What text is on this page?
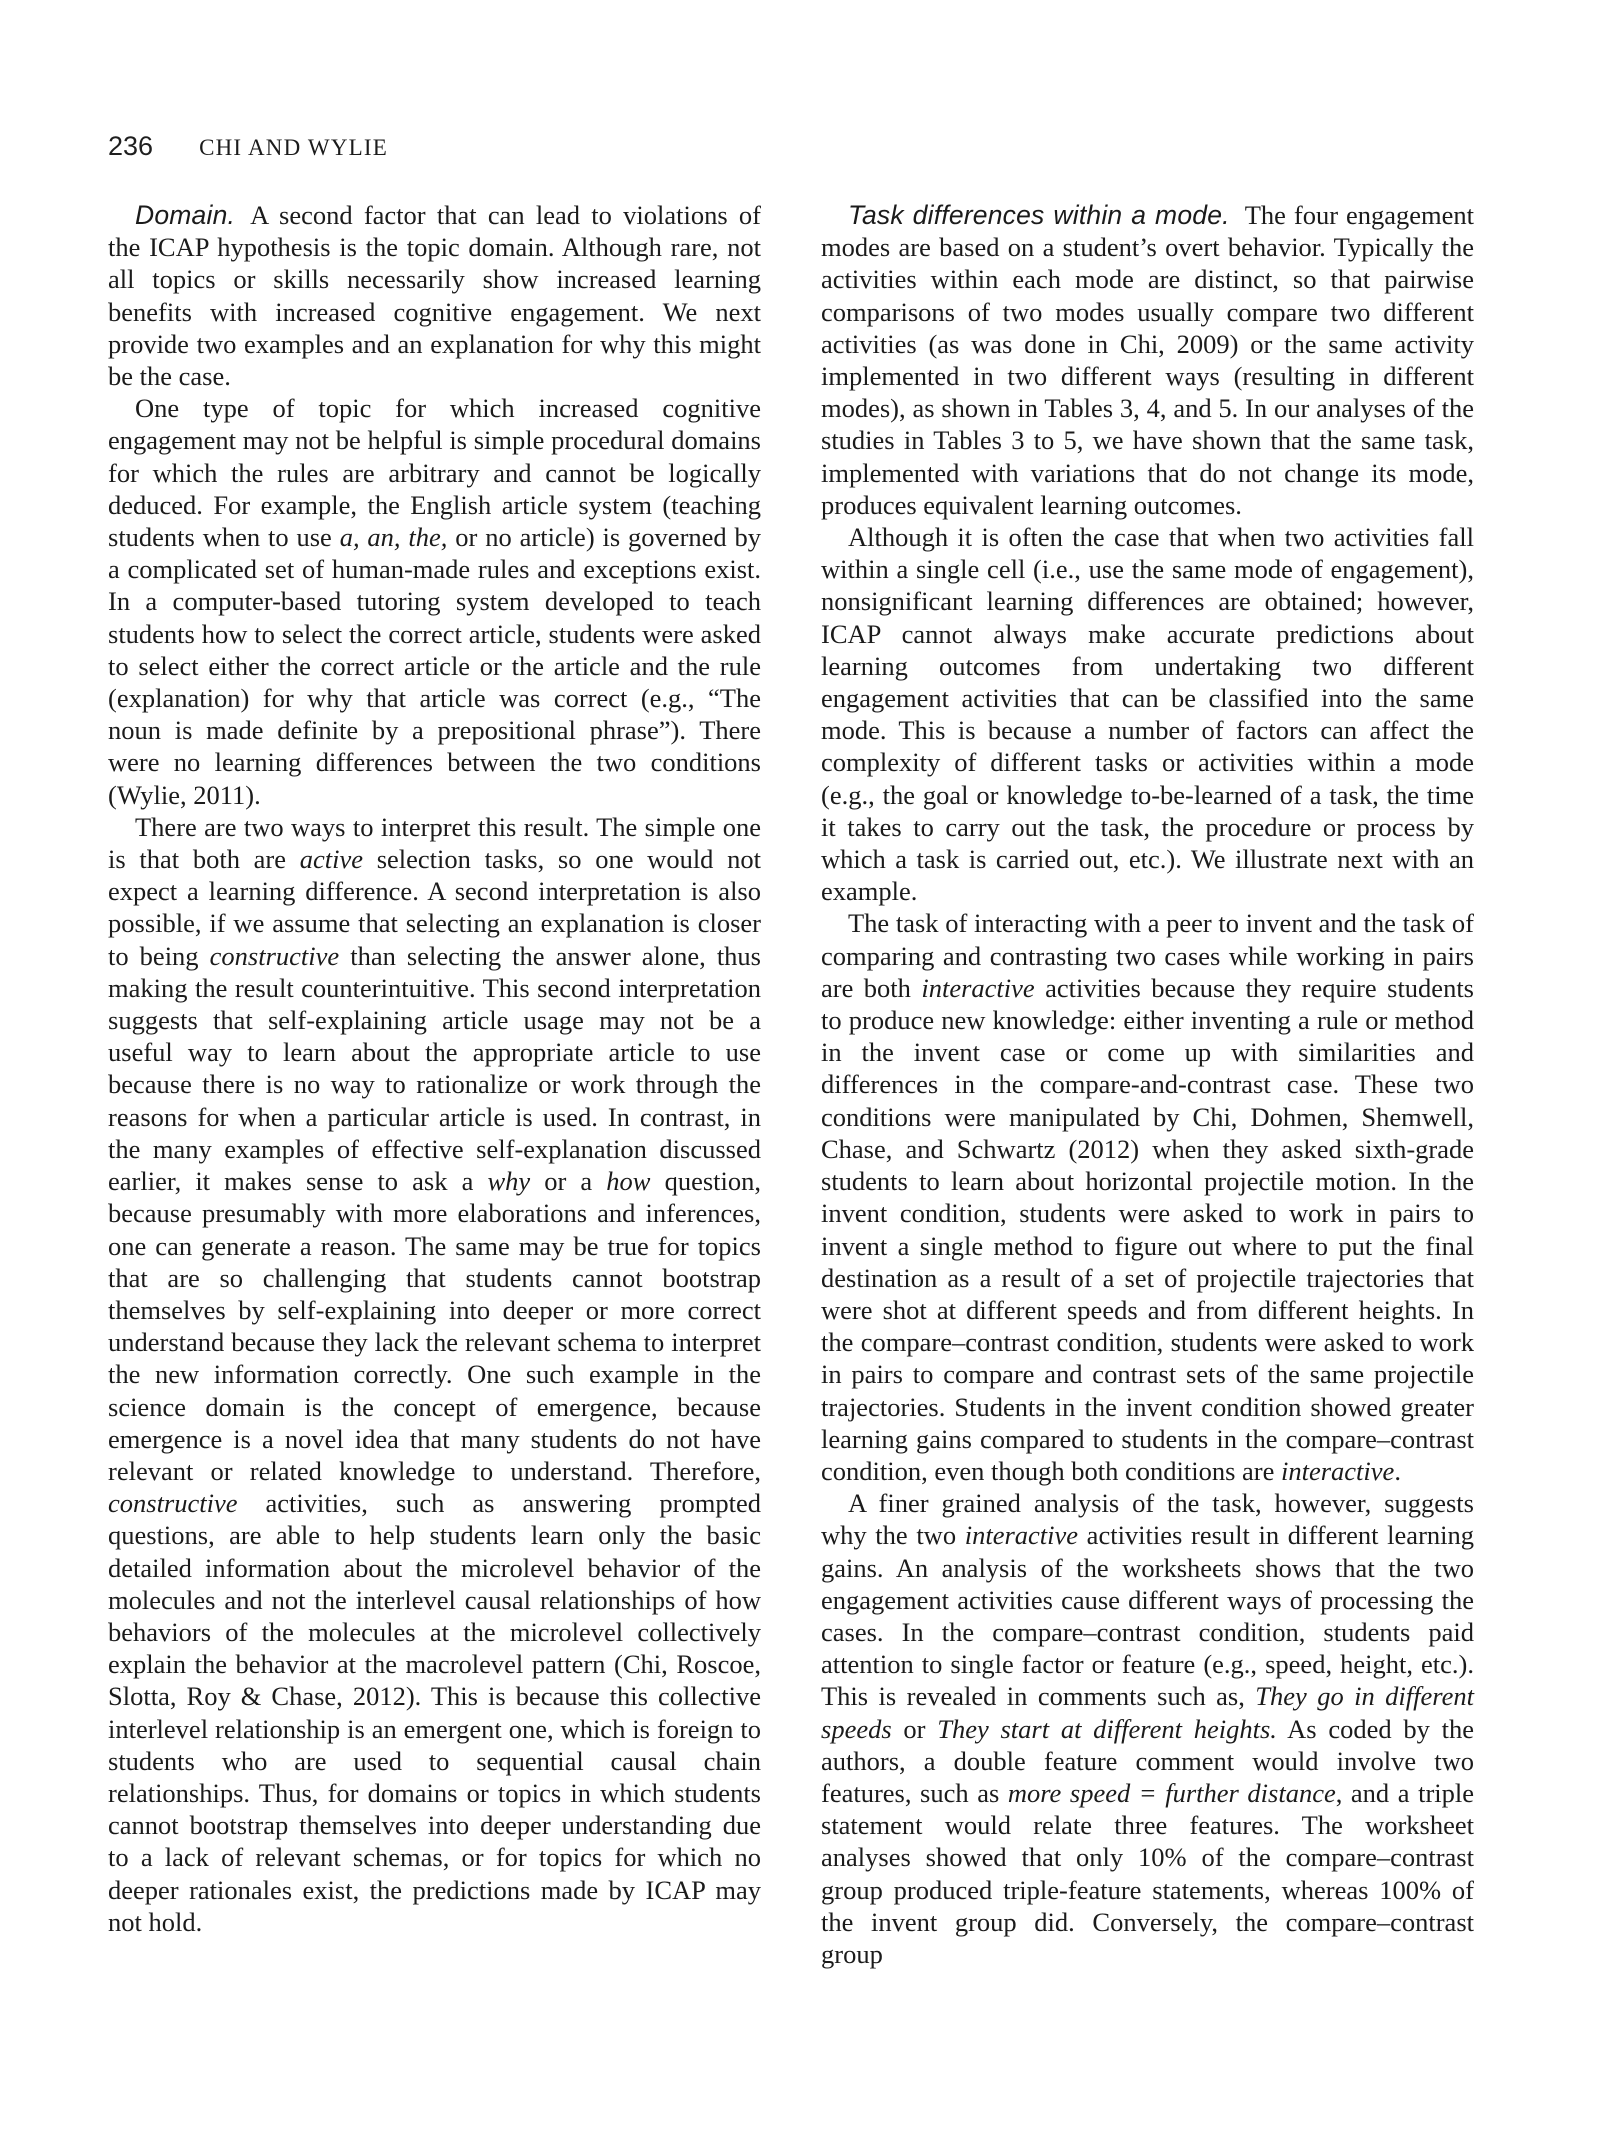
236 CHI AND WYLIE

Domain. A second factor that can lead to violations of the ICAP hypothesis is the topic domain. Although rare, not all topics or skills necessarily show increased learning benefits with increased cognitive engagement. We next provide two examples and an explanation for why this might be the case.

One type of topic for which increased cognitive engagement may not be helpful is simple procedural domains for which the rules are arbitrary and cannot be logically deduced. For example, the English article system (teaching students when to use a, an, the, or no article) is governed by a complicated set of human-made rules and exceptions exist. In a computer-based tutoring system developed to teach students how to select the correct article, students were asked to select either the correct article or the article and the rule (explanation) for why that article was correct (e.g., “The noun is made definite by a prepositional phrase”). There were no learning differences between the two conditions (Wylie, 2011).

There are two ways to interpret this result. The simple one is that both are active selection tasks, so one would not expect a learning difference. A second interpretation is also possible, if we assume that selecting an explanation is closer to being constructive than selecting the answer alone, thus making the result counterintuitive. This second interpretation suggests that self-explaining article usage may not be a useful way to learn about the appropriate article to use because there is no way to rationalize or work through the reasons for when a particular article is used. In contrast, in the many examples of effective self-explanation discussed earlier, it makes sense to ask a why or a how question, because presumably with more elaborations and inferences, one can generate a reason. The same may be true for topics that are so challenging that students cannot bootstrap themselves by self-explaining into deeper or more correct understand because they lack the relevant schema to interpret the new information correctly. One such example in the science domain is the concept of emergence, because emergence is a novel idea that many students do not have relevant or related knowledge to understand. Therefore, constructive activities, such as answering prompted questions, are able to help students learn only the basic detailed information about the microlevel behavior of the molecules and not the interlevel causal relationships of how behaviors of the molecules at the microlevel collectively explain the behavior at the macrolevel pattern (Chi, Roscoe, Slotta, Roy & Chase, 2012). This is because this collective interlevel relationship is an emergent one, which is foreign to students who are used to sequential causal chain relationships. Thus, for domains or topics in which students cannot bootstrap themselves into deeper understanding due to a lack of relevant schemas, or for topics for which no deeper rationales exist, the predictions made by ICAP may not hold.

Task differences within a mode. The four engagement modes are based on a student’s overt behavior. Typically the activities within each mode are distinct, so that pairwise comparisons of two modes usually compare two different activities (as was done in Chi, 2009) or the same activity implemented in two different ways (resulting in different modes), as shown in Tables 3, 4, and 5. In our analyses of the studies in Tables 3 to 5, we have shown that the same task, implemented with variations that do not change its mode, produces equivalent learning outcomes.

Although it is often the case that when two activities fall within a single cell (i.e., use the same mode of engagement), nonsignificant learning differences are obtained; however, ICAP cannot always make accurate predictions about learning outcomes from undertaking two different engagement activities that can be classified into the same mode. This is because a number of factors can affect the complexity of different tasks or activities within a mode (e.g., the goal or knowledge to-be-learned of a task, the time it takes to carry out the task, the procedure or process by which a task is carried out, etc.). We illustrate next with an example.

The task of interacting with a peer to invent and the task of comparing and contrasting two cases while working in pairs are both interactive activities because they require students to produce new knowledge: either inventing a rule or method in the invent case or come up with similarities and differences in the compare-and-contrast case. These two conditions were manipulated by Chi, Dohmen, Shemwell, Chase, and Schwartz (2012) when they asked sixth-grade students to learn about horizontal projectile motion. In the invent condition, students were asked to work in pairs to invent a single method to figure out where to put the final destination as a result of a set of projectile trajectories that were shot at different speeds and from different heights. In the compare–contrast condition, students were asked to work in pairs to compare and contrast sets of the same projectile trajectories. Students in the invent condition showed greater learning gains compared to students in the compare–contrast condition, even though both conditions are interactive.

A finer grained analysis of the task, however, suggests why the two interactive activities result in different learning gains. An analysis of the worksheets shows that the two engagement activities cause different ways of processing the cases. In the compare–contrast condition, students paid attention to single factor or feature (e.g., speed, height, etc.). This is revealed in comments such as, They go in different speeds or They start at different heights. As coded by the authors, a double feature comment would involve two features, such as more speed = further distance, and a triple statement would relate three features. The worksheet analyses showed that only 10% of the compare–contrast group produced triple-feature statements, whereas 100% of the invent group did. Conversely, the compare–contrast group
